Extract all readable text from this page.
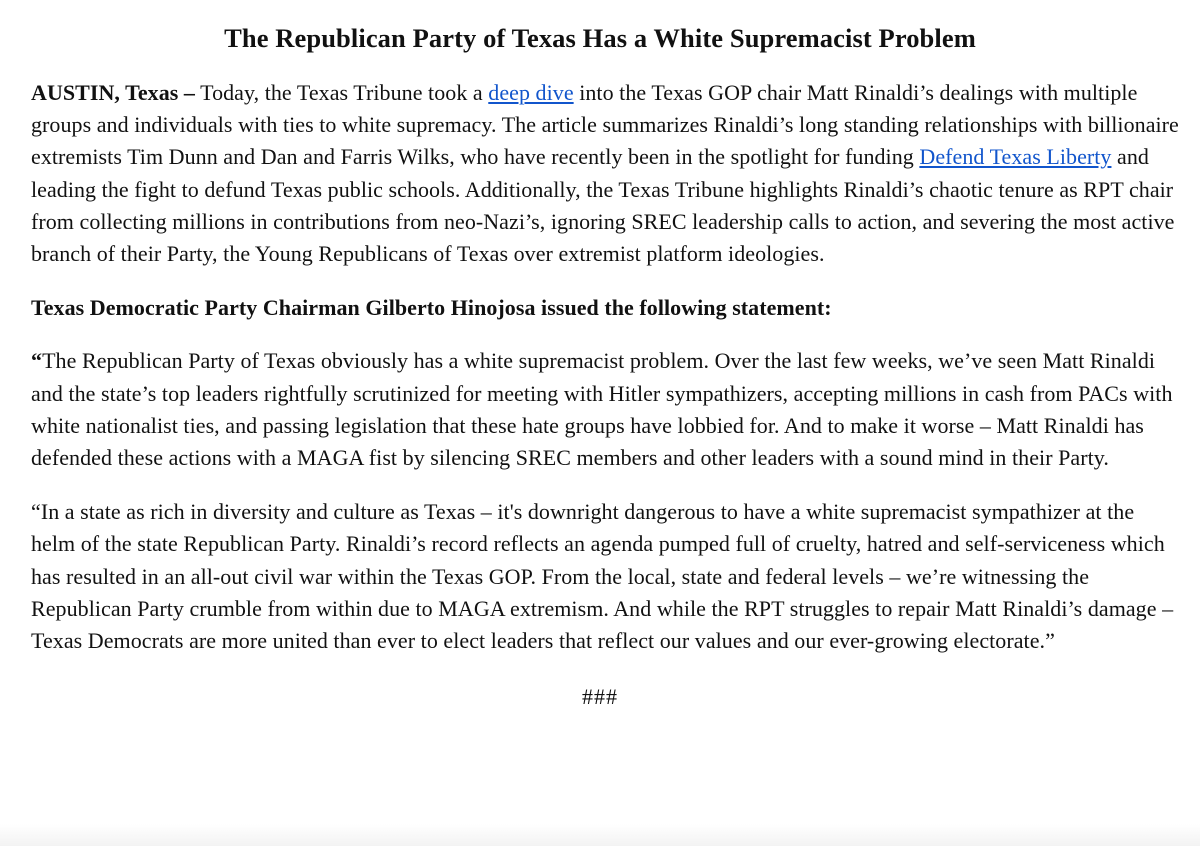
The Republican Party of Texas Has a White Supremacist Problem

AUSTIN, Texas – Today, the Texas Tribune took a deep dive into the Texas GOP chair Matt Rinaldi’s dealings with multiple groups and individuals with ties to white supremacy. The article summarizes Rinaldi’s long standing relationships with billionaire extremists Tim Dunn and Dan and Farris Wilks, who have recently been in the spotlight for funding Defend Texas Liberty and leading the fight to defund Texas public schools. Additionally, the Texas Tribune highlights Rinaldi’s chaotic tenure as RPT chair from collecting millions in contributions from neo-Nazi’s, ignoring SREC leadership calls to action, and severing the most active branch of their Party, the Young Republicans of Texas over extremist platform ideologies.

Texas Democratic Party Chairman Gilberto Hinojosa issued the following statement:

“The Republican Party of Texas obviously has a white supremacist problem. Over the last few weeks, we’ve seen Matt Rinaldi and the state’s top leaders rightfully scrutinized for meeting with Hitler sympathizers, accepting millions in cash from PACs with white nationalist ties, and passing legislation that these hate groups have lobbied for. And to make it worse – Matt Rinaldi has defended these actions with a MAGA fist by silencing SREC members and other leaders with a sound mind in their Party.

“In a state as rich in diversity and culture as Texas – it's downright dangerous to have a white supremacist sympathizer at the helm of the state Republican Party. Rinaldi’s record reflects an agenda pumped full of cruelty, hatred and self-serviceness which has resulted in an all-out civil war within the Texas GOP. From the local, state and federal levels – we’re witnessing the Republican Party crumble from within due to MAGA extremism. And while the RPT struggles to repair Matt Rinaldi’s damage – Texas Democrats are more united than ever to elect leaders that reflect our values and our ever-growing electorate.”

###
